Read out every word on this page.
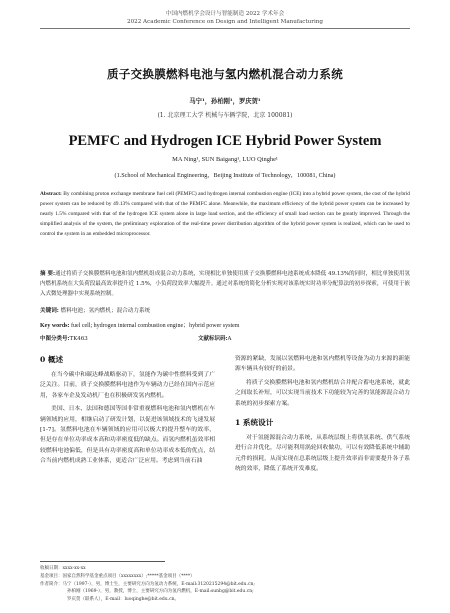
中国内燃机学会设计与智能制造 2022 学术年会
2022 Academic Conference on Design and Intelligent Manufacturing
质子交换膜燃料电池与氢内燃机混合动力系统
马宁¹，孙柏刚¹，罗庆贺¹
(1. 北京理工大学 机械与车辆学院，北京 100081)
PEMFC and Hydrogen ICE Hybrid Power System
MA Ning¹, SUN Baigang¹, LUO Qinghe¹
(1.School of Mechanical Engineering，Beijing Institute of Technology，100081, China)
Abstract: By combining proton exchange membrane fuel cell (PEMFC) and hydrogen internal combustion engine (ICE) into a hybrid power system, the cost of the hybrid power system can be reduced by 49.13% compared with that of the PEMFC alone. Meanwhile, the maximum efficiency of the hybrid power system can be increased by nearly 1.5% compared with that of the hydrogen ICE system alone in large load section, and the efficiency of small load section can be greatly improved. Through the simplified analysis of the system, the preliminary exploration of the real-time power distribution algorithm of the hybrid power system is realized, which can be used to control the system in an embedded microprocessor.
摘 要:通过将质子交换膜燃料电池和氢内燃机组成混合动力系统，实现相比单独使用质子交换膜燃料电池系统成本降低 49.13%的同时，相比单独使用氢内燃机系统在大负荷段最高效率提升近 1.5%，小负荷段效率大幅提升。通过对系统的简化分析实现对该系统实时功率分配算法的初步探索，可使用于嵌入式微处理器中实现系统控制。
关键词: 燃料电池；氢内燃机；混合动力系统
Key words: fuel cell; hydrogen internal combustion engine；hybrid power system
中图分类号:TK463	文献标识码:A
0 概述

在当今碳中和碳达峰战略驱动下，氢能作为碳中性燃料受到了广泛关注。目前，质子交换膜燃料电池作为车辆动力已经在国内示范应用，各家车企及发动机厂也在积极研发氢内燃机。

美国、日本、法国和德国等国非常重视燃料电池和氢内燃机在车辆领域的应用，相继启动了研发计划，以促进该领域技术的飞速发展[1-7]。氢燃料电池在车辆领域的应用可以极大的提升整车的效率，但是存在单位功率成本高和功率密度低的缺点。而氢内燃机虽效率相较燃料电池偏低，但是具有功率密度高和单位功率成本低的优点，结合当前内燃机成熟工业体系，更适合广泛应用。考虑到当前石油

资源的紧缺，发展以氢燃料电池和氢内燃机等设备为动力来源的新能源车辆具有较好的前景。

将质子交换膜燃料电池和氢内燃机结合并配合蓄电池系统，就此之间取长补短，可以实现当前技术下功能较为完善的氢能源混合动力系统的初步探索方案。

1 系统设计

对于氢能源混合动力系统，从系统层级上将供氢系统、供气系统进行合并优化，尽可能利用涡轮回收做功，可以有效降低系统中辅助元件的损耗，从而实现在总系统层级上提升效率而非需要提升各子系统的效率，降低了系统开发难度。

收稿日期：xxxx-xx-xx
基金项目：国家自然科学基金重点项目（xxxxxxxx）;*****基金项目（****）
作者简介：马宁（1997-），男，博士生，主要研究方向为氢动力系统，E-mail:3120215294@bit.edu.cn;
孙柏刚（1969-），男，教授，博士，主要研究方向为氢内燃机，E-mail:sunbg@bit.edu.cn;
罗庆贺（联系人），E-mail：luoqinghe@bit.edu.cn。
